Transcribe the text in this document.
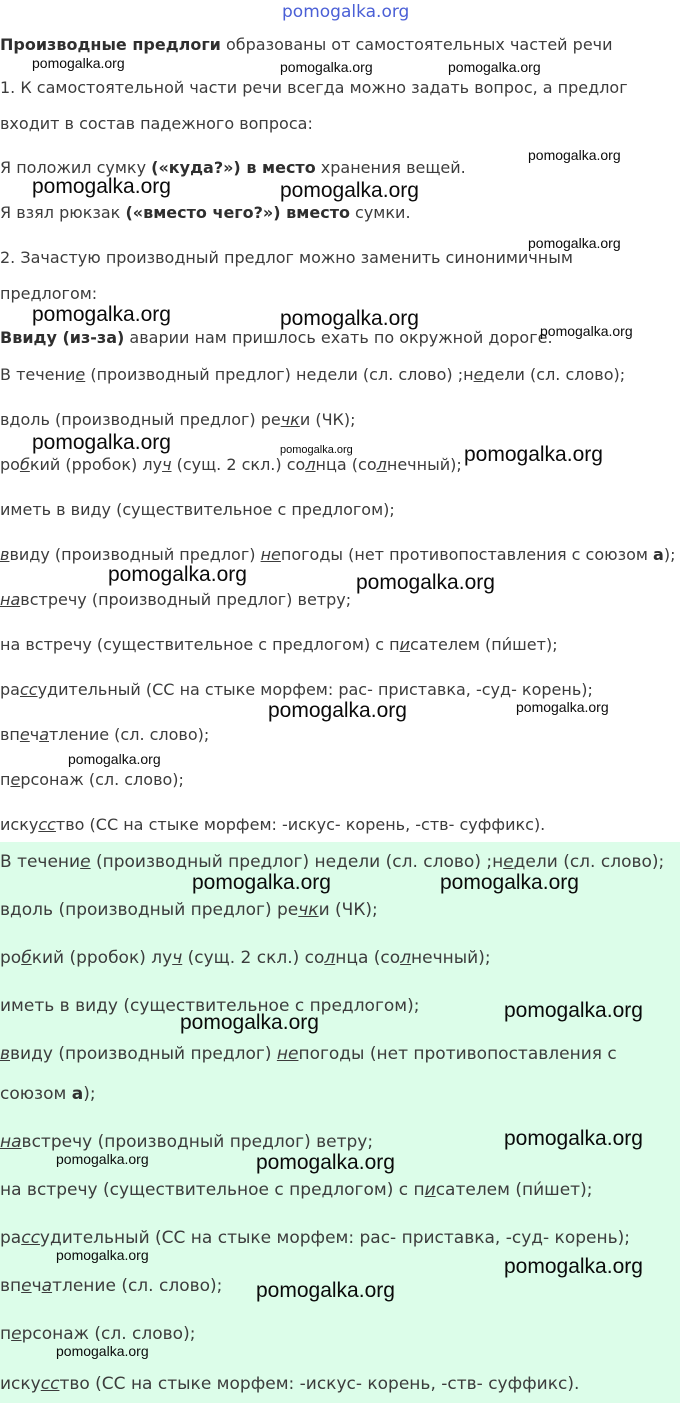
pomogalka.org
Производные предлоги образованы от самостоятельных частей речи
1. К самостоятельной части речи всегда можно задать вопрос, а предлог
входит в состав падежного вопроса:
Я положил сумку («куда?») в место хранения вещей.
Я взял рюкзак («вместо чего?») вместо сумки.
2. Зачастую производный предлог можно заменить синонимичным
предлогом:
Ввиду (из-за) аварии нам пришлось ехать по окружной дороге.
В течение (производный предлог) недели (сл. слово) ;недели (сл. слово);
вдоль (производный предлог) речки (ЧК);
робкий (рробок) луч (сущ. 2 скл.) солнца (солнечный);
иметь в виду (существительное с предлогом);
ввиду (производный предлог) непогоды (нет противопоставления с союзом а);
навстречу (производный предлог) ветру;
на встречу (существительное с предлогом) с писателем (пи́шет);
рассудительный (СС на стыке морфем: рас- приставка, -суд- корень);
впечатление (сл. слово);
персонаж (сл. слово);
искусство (СС на стыке морфем: -искус- корень, -ств- суффикс).
В течение (производный предлог) недели (сл. слово) ;недели (сл. слово);
вдоль (производный предлог) речки (ЧК);
робкий (рробок) луч (сущ. 2 скл.) солнца (солнечный);
иметь в виду (существительное с предлогом);
ввиду (производный предлог) непогоды (нет противопоставления с
союзом а);
навстречу (производный предлог) ветру;
на встречу (существительное с предлогом) с писателем (пи́шет);
рассудительный (СС на стыке морфем: рас- приставка, -суд- корень);
впечатление (сл. слово);
персонаж (сл. слово);
искусство (СС на стыке морфем: -искус- корень, -ств- суффикс).
pomogalka.org	pomogalka.org	pomogalka.org
pomogalka.org
pomogalka.org	pomogalka.org
pomogalka.org
pomogalka.org	pomogalka.org
pomogalka.org
pomogalka.org	pomogalka.org	pomogalka.org
pomogalka.org	pomogalka.org
pomogalka.org	pomogalka.org
pomogalka.org
pomogalka.org	pomogalka.org
pomogalka.org
pomogalka.org
pomogalka.org
pomogalka.org	pomogalka.org
pomogalka.org	pomogalka.org
pomogalka.org
pomogalka.org
